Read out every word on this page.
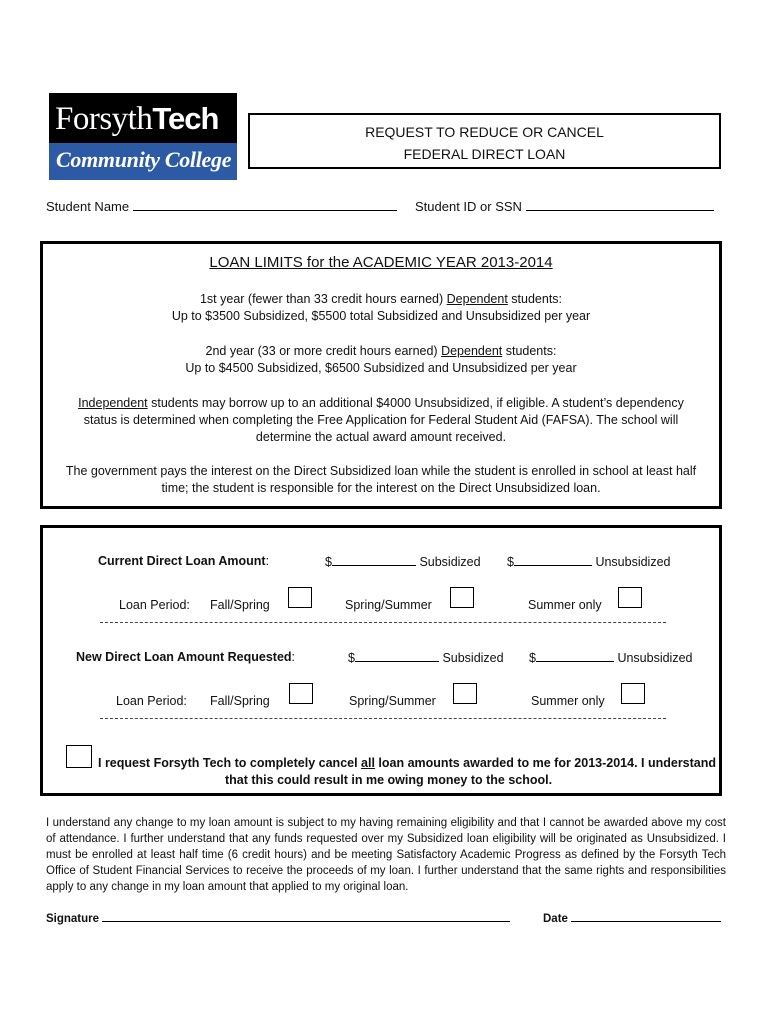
ForsythTech
Community College
REQUEST TO REDUCE OR CANCEL
FEDERAL DIRECT LOAN
Student Name	Student ID or SSN
LOAN LIMITS for the ACADEMIC YEAR 2013-2014
1st year (fewer than 33 credit hours earned) Dependent students:
Up to $3500 Subsidized, $5500 total Subsidized and Unsubsidized per year
2nd year (33 or more credit hours earned) Dependent students:
Up to $4500 Subsidized, $6500 Subsidized and Unsubsidized per year
Independent students may borrow up to an additional $4000 Unsubsidized, if eligible. A student’s dependency
status is determined when completing the Free Application for Federal Student Aid (FAFSA). The school will
determine the actual award amount received.
The government pays the interest on the Direct Subsidized loan while the student is enrolled in school at least half
time; the student is responsible for the interest on the Direct Unsubsidized loan.
Current Direct Loan Amount:	$	Subsidized $	Unsubsidized
Loan Period: Fall/Spring	Spring/Summer	Summer only
New Direct Loan Amount Requested:	$	Subsidized $	Unsubsidized
Loan Period: Fall/Spring	Spring/Summer	Summer only
I request Forsyth Tech to completely cancel all loan amounts awarded to me for 2013-2014. I understand
that this could result in me owing money to the school.
I understand any change to my loan amount is subject to my having remaining eligibility and that I cannot be awarded above my cost of attendance. I further understand that any funds requested over my Subsidized loan eligibility will be originated as Unsubsidized. I must be enrolled at least half time (6 credit hours) and be meeting Satisfactory Academic Progress as defined by the Forsyth Tech Office of Student Financial Services to receive the proceeds of my loan. I further understand that the same rights and responsibilities apply to any change in my loan amount that applied to my original loan.
Signature	Date
